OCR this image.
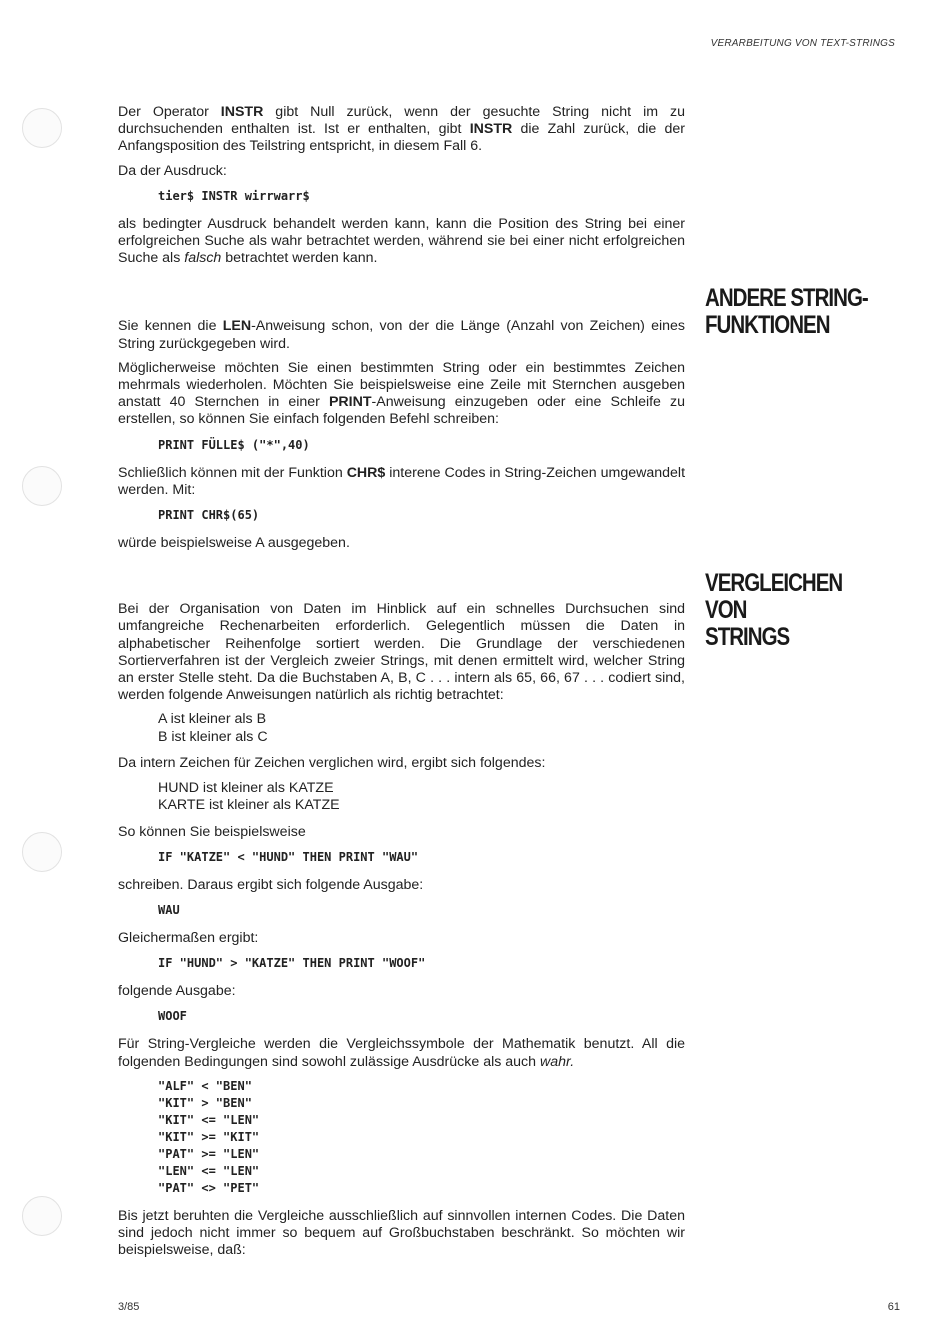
VERARBEITUNG VON TEXT-STRINGS
ANDERE STRING-
FUNKTIONEN
VERGLEICHEN VON
STRINGS

Der Operator INSTR gibt Null zurück, wenn der gesuchte String nicht im zu durchsuchenden enthalten ist. Ist er enthalten, gibt INSTR die Zahl zurück, die der Anfangsposition des Teilstring entspricht, in diesem Fall 6.

Da der Ausdruck:

tier$ INSTR wirrwarr$

als bedingter Ausdruck behandelt werden kann, kann die Position des String bei einer erfolgreichen Suche als wahr betrachtet werden, während sie bei einer nicht erfolgreichen Suche als falsch betrachtet werden kann.

Sie kennen die LEN-Anweisung schon, von der die Länge (Anzahl von Zeichen) eines String zurückgegeben wird.

Möglicherweise möchten Sie einen bestimmten String oder ein bestimmtes Zeichen mehrmals wiederholen. Möchten Sie beispielsweise eine Zeile mit Sternchen ausgeben anstatt 40 Sternchen in einer PRINT-Anweisung einzugeben oder eine Schleife zu erstellen, so können Sie einfach folgenden Befehl schreiben:

PRINT FÜLLE$ ("*",40)

Schließlich können mit der Funktion CHR$ interene Codes in String-Zeichen umgewandelt werden. Mit:

PRINT CHR$(65)

würde beispielsweise A ausgegeben.

Bei der Organisation von Daten im Hinblick auf ein schnelles Durchsuchen sind umfangreiche Rechenarbeiten erforderlich. Gelegentlich müssen die Daten in alphabetischer Reihenfolge sortiert werden. Die Grundlage der verschiedenen Sortierverfahren ist der Vergleich zweier Strings, mit denen ermittelt wird, welcher String an erster Stelle steht. Da die Buchstaben A, B, C . . . intern als 65, 66, 67 . . . codiert sind, werden folgende Anweisungen natürlich als richtig betrachtet:

A ist kleiner als B
B ist kleiner als C

Da intern Zeichen für Zeichen verglichen wird, ergibt sich folgendes:

HUND ist kleiner als KATZE
KARTE ist kleiner als KATZE

So können Sie beispielsweise

IF "KATZE" < "HUND" THEN PRINT "WAU"

schreiben. Daraus ergibt sich folgende Ausgabe:

WAU

Gleichermaßen ergibt:

IF "HUND" > "KATZE" THEN PRINT "WOOF"

folgende Ausgabe:

WOOF

Für String-Vergleiche werden die Vergleichssymbole der Mathematik benutzt. All die folgenden Bedingungen sind sowohl zulässige Ausdrücke als auch wahr.

"ALF" < "BEN"
"KIT" > "BEN"
"KIT" <= "LEN"
"KIT" >= "KIT"
"PAT" >= "LEN"
"LEN" <= "LEN"
"PAT" <> "PET"

Bis jetzt beruhten die Vergleiche ausschließlich auf sinnvollen internen Codes. Die Daten sind jedoch nicht immer so bequem auf Großbuchstaben beschränkt. So möchten wir beispielsweise, daß:

3/85	61
